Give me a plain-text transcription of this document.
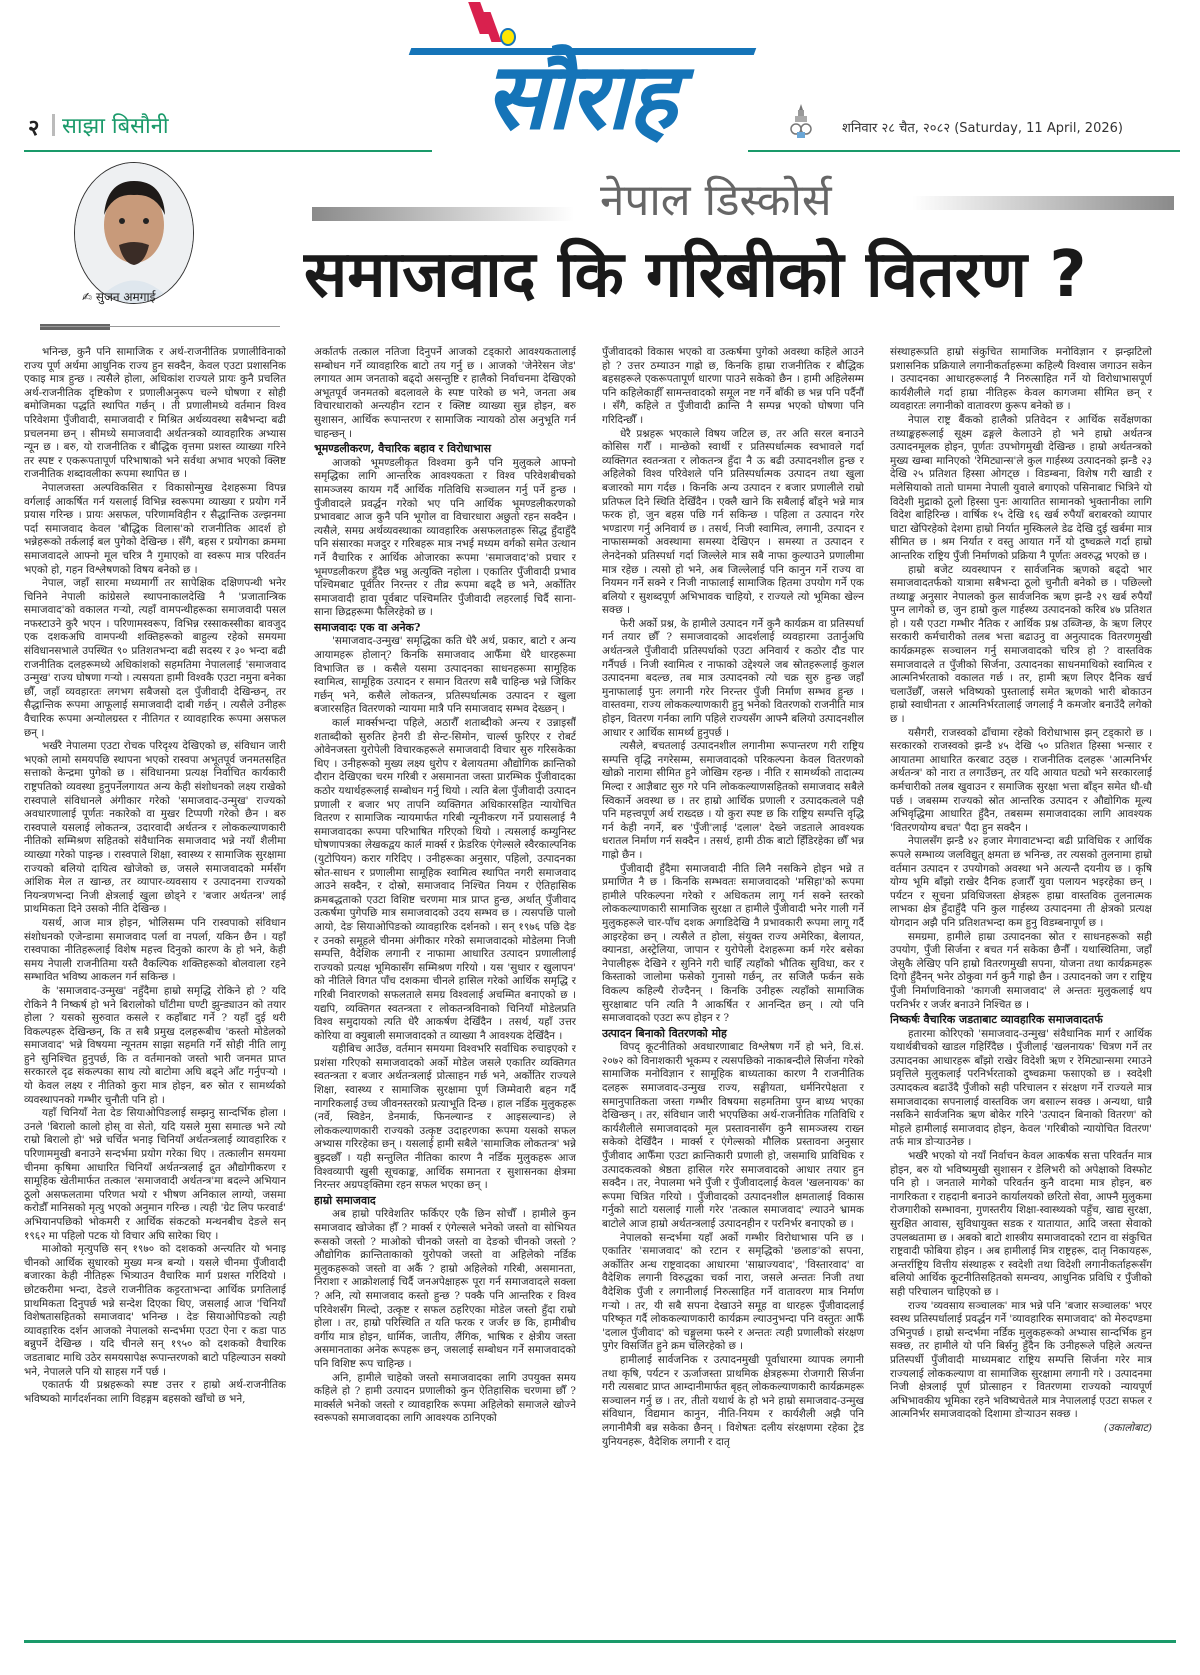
२ साझा बिसौनी	सौराह	शनिवार २८ चैत, २०८२ (Saturday, 11 April, 2026)
✍ सुजन अमगाई
नेपाल डिस्कोर्स
समाजवाद कि गरिबीको वितरण ?

भनिन्छ, कुनै पनि सामाजिक र अर्थ-राजनीतिक प्रणालीविनाको राज्य पूर्ण अर्थमा आधुनिक राज्य हुन सक्दैन, केवल एउटा प्रशासनिक एकाइ मात्र हुन्छ । त्यसैले होला, अधिकांश राज्यले प्रायः कुनै प्रचलित अर्थ-राजनीतिक दृष्टिकोण र प्रणालीअनुरूप चल्ने घोषणा र सोही बमोजिमका पद्धति स्थापित गर्छन् । ती प्रणालीमध्ये वर्तमान विश्व परिवेशमा पुँजीवादी, समाजवादी र मिश्रित अर्थव्यवस्था सबैभन्दा बढी प्रचलनमा छन् । सीमध्ये समाजवादी अर्थतन्त्रको व्यावहारिक अभ्यास न्यून छ । बरु, यो राजनीतिक र बौद्धिक वृत्तमा प्रशस्त व्याख्या गरिने तर स्पष्ट र एकरूपतापूर्ण परिभाषाको भने सर्वथा अभाव भएको क्लिष्ट राजनीतिक शब्दावलीका रूपमा स्थापित छ ।

नेपालजस्ता अल्पविकसित र विकासोन्मुख देशहरूमा विपन्न वर्गलाई आकर्षित गर्न यसलाई विभिन्न स्वरूपमा व्याख्या र प्रयोग गर्ने प्रयास गरिन्छ । प्रायः असफल, परिणामविहीन र सैद्धान्तिक उल्झनमा पर्दा समाजवाद केवल 'बौद्धिक विलास'को राजनीतिक आदर्श हो भन्नेहरूको तर्कलाई बल पुगेको देखिन्छ । सँगै, बहस र प्रयोगका क्रममा समाजवादले आफ्नो मूल चरित्र नै गुमाएको वा स्वरूप मात्र परिवर्तन भएको हो, गहन विश्लेषणको विषय बनेको छ ।

नेपाल, जहाँ सारमा मध्यमार्गी तर सापेक्षिक दक्षिणपन्थी भनेर चिनिने नेपाली कांग्रेसले स्थापनाकालदेखि नै 'प्रजातान्त्रिक समाजवाद'को वकालत गऱ्यो, त्यहाँ वामपन्थीहरूका समाजवादी पसल नफस्टाउने कुरै भएन । परिणामस्वरूप, विभिन्न रस्साकस्सीका बावजुद एक दशकअघि वामपन्थी शक्तिहरूको बाहुल्य रहेको समयमा संविधानसभाले उपस्थित ९० प्रतिशतभन्दा बढी सदस्य र ३० भन्दा बढी राजनीतिक दलहरूमध्ये अधिकांशको सहमतिमा नेपाललाई 'समाजवाद उन्मुख' राज्य घोषणा गऱ्यो । त्यसयता हामी विश्वकै एउटा नमुना बनेका छौँ, जहाँ व्यवहारतः लगभग सबैजसो दल पुँजीवादी देखिन्छन्, तर सैद्धान्तिक रूपमा आफूलाई समाजवादी दाबी गर्छन् । त्यसैले उनीहरू वैचारिक रूपमा अन्योलग्रस्त र नीतिगत र व्यावहारिक रूपमा असफल छन् ।

भर्खरै नेपालमा एउटा रोचक परिदृश्य देखिएको छ, संविधान जारी भएको लामो समयपछि स्थापना भएको रास्वपा अभूतपूर्व जनमतसहित सत्ताको केन्द्रमा पुगेको छ । संविधानमा प्रत्यक्ष निर्वाचित कार्यकारी राष्ट्रपतिको व्यवस्था हुनुपर्नेलगायत अन्य केही संशोधनको लक्ष्य राखेको रास्वपाले संविधानले अंगीकार गरेको 'समाजवाद-उन्मुख' राज्यको अवधारणालाई पूर्णतः नकारेको वा मुखर टिप्पणी गरेको छैन । बरु रास्वपाले यसलाई लोकतन्त्र, उदारवादी अर्थतन्त्र र लोककल्याणकारी नीतिको सम्मिश्रण सहितको संवैधानिक समाजवाद भन्ने नयाँ शैलीमा व्याख्या गरेको पाइन्छ । रास्वपाले शिक्षा, स्वास्थ्य र सामाजिक सुरक्षामा राज्यको बलियो दायित्व खोजेको छ, जसले समाजवादको मर्मसँग आंशिक मेल त खान्छ, तर व्यापार-व्यवसाय र उत्पादनमा राज्यको नियन्त्रणभन्दा निजी क्षेत्रलाई खुला छोड्ने र 'बजार अर्थतन्त्र' लाई प्राथमिकता दिने उसको नीति देखिन्छ ।

यसर्थ, आज मात्र होइन, भोलिसम्म पनि रास्वपाको संविधान संशोधनको एजेन्डामा समाजवाद पर्ला वा नपर्ला, यकिन छैन । यहाँ रास्वपाका नीतिहरूलाई विशेष महत्त्व दिनुको कारण के हो भने, केही समय नेपाली राजनीतिमा यस्तै वैकल्पिक शक्तिहरूको बोलवाला रहने सम्भावित भविष्य आकलन गर्न सकिन्छ ।

के 'समाजवाद-उन्मुख' नहुँदैमा हाम्रो समृद्धि रोकिने हो ? यदि रोकिने नै निष्कर्ष हो भने बिरालोको घाँटीमा घण्टी झुन्ड्याउन को तयार होला ? यसको सुरुवात कसले र कहाँबाट गर्ने ? यहाँ दुई थरी विकल्पहरू देखिन्छन्, कि त सबै प्रमुख दलहरूबीच 'कस्तो मोडेलको समाजवाद' भन्ने विषयमा न्यूनतम साझा सहमति गर्ने सोही नीति लागू हुने सुनिश्चित हुनुपर्छ, कि त वर्तमानको जस्तो भारी जनमत प्राप्त सरकारले दृढ संकल्पका साथ त्यो बाटोमा अघि बढ्ने आँट गर्नुपऱ्यो । यो केवल लक्ष्य र नीतिको कुरा मात्र होइन, बरु स्रोत र सामर्थ्यको व्यवस्थापनको गम्भीर चुनौती पनि हो ।

यहाँ चिनियाँ नेता देङ सियाओपिङलाई सम्झनु सान्दर्भिक होला । उनले 'बिरालो कालो होस् वा सेतो, यदि यसले मुसा समात्छ भने त्यो राम्रो बिरालो हो' भन्ने चर्चित भनाइ चिनियाँ अर्थतन्त्रलाई व्यावहारिक र परिणाममुखी बनाउने सन्दर्भमा प्रयोग गरेका थिए । तत्कालीन समयमा चीनमा कृषिमा आधारित चिनियाँ अर्थतन्त्रलाई द्रुत औद्योगीकरण र सामूहिक खेतीमार्फत तत्काल 'समाजवादी अर्थतन्त्र'मा बदल्ने अभियान ठूलो असफलतामा परिणत भयो र भीषण अनिकाल लाग्यो, जसमा करोडौँ मानिसको मृत्यु भएको अनुमान गरिन्छ । त्यही 'ग्रेट लिप फरवार्ड' अभियानपछिको भोकमरी र आर्थिक संकटको मन्थनबीच देङले सन् १९६२ मा पहिलो पटक यो विचार अघि सारेका थिए ।

माओको मृत्युपछि सन् १९७० को दशकको अन्त्यतिर यो भनाइ चीनको आर्थिक सुधारको मुख्य मन्त्र बन्यो । यसले चीनमा पुँजीवादी बजारका केही नीतिहरू भित्र्याउन वैचारिक मार्ग प्रशस्त गरिदियो । छोटकरीमा भन्दा, देङले राजनीतिक कट्टरताभन्दा आर्थिक प्रगतिलाई प्राथमिकता दिनुपर्छ भन्ने सन्देश दिएका थिए, जसलाई आज 'चिनियाँ विशेषतासहितको समाजवाद' भनिन्छ । देङ सियाओपिङको त्यही व्यावहारिक दर्शन आजको नेपालको सन्दर्भमा एउटा ऐना र कडा पाठ बन्नुपर्ने देखिन्छ । यदि चीनले सन् १९५० को दशकको वैचारिक जडताबाट माथि उठेर समयसापेक्ष रूपान्तरणको बाटो पहिल्याउन सक्यो भने, नेपालले पनि यो साहस गर्ने पर्छ ।

एकातर्फ यी प्रश्नहरूको स्पष्ट उत्तर र हाम्रो अर्थ-राजनीतिक भविष्यको मार्गदर्शनका लागि विहङ्गम बहसको खाँचो छ भने,

अर्कातर्फ तत्काल नतिजा दिनुपर्ने आजको टड्कारो आवश्यकतालाई सम्बोधन गर्ने व्यावहारिक बाटो तय गर्नु छ । आजको 'जेनेरेसन जेड' लगायत आम जनताको बढ्दो असन्तुष्टि र हालैको निर्वाचनमा देखिएको अभूतपूर्व जनमतको बदलावले के स्पष्ट पारेको छ भने, जनता अब विचारधाराको अन्त्यहीन रटान र क्लिष्ट व्याख्या सुन्न होइन, बरु सुशासन, आर्थिक रूपान्तरण र सामाजिक न्यायको ठोस अनुभूति गर्न चाहन्छन् ।

भूमण्डलीकरण, वैचारिक बहाव र विरोधाभास

आजको भूमण्डलीकृत विश्वमा कुनै पनि मुलुकले आफ्नो समृद्धिका लागि आन्तरिक आवश्यकता र विश्व परिवेशबीचको सामञ्जस्य कायम गर्दै आर्थिक गतिविधि सञ्चालन गर्नु पर्ने हुन्छ । पुँजीवादले प्रवर्द्धन गरेको भए पनि आर्थिक भूमण्डलीकरणको प्रभावबाट आज कुनै पनि भूगोल वा विचारधारा अछुतो रहन सक्दैन । त्यसैले, समग्र अर्थव्यवस्थाका व्यावहारिक असफलताहरू सिद्ध हुँदाहुँदै पनि संसारका मजदुर र गरिबहरू मात्र नभई मध्यम वर्गको समेत उत्थान गर्ने वैचारिक र आर्थिक ओजारका रूपमा 'समाजवाद'को प्रचार र भूमण्डलीकरण हुँदैछ भन्नु अत्युक्ति नहोला । एकातिर पुँजीवादी प्रभाव पश्चिमबाट पूर्वतिर निरन्तर र तीव्र रूपमा बढ्दै छ भने, अर्कोतिर समाजवादी हावा पूर्वबाट पश्चिमतिर पुँजीवादी लहरलाई चिर्दै साना-साना छिद्रहरूमा फैलिरहेको छ ।

समाजवादः एक वा अनेक?

'समाजवाद-उन्मुख' समृद्धिका कति धेरै अर्थ, प्रकार, बाटो र अन्य आयामहरू होलान्? किनकि समाजवाद आफैँमा धेरै धारहरूमा विभाजित छ । कसैले यसमा उत्पादनका साधनहरूमा सामूहिक स्वामित्व, सामूहिक उत्पादन र समान वितरण सबै चाहिन्छ भन्ने जिकिर गर्छन् भने, कसैले लोकतन्त्र, प्रतिस्पर्धात्मक उत्पादन र खुला बजारसहित वितरणको न्यायमा मात्रै पनि समाजवाद सम्भव देख्छन् ।

कार्ल मार्क्सभन्दा पहिले, अठारौँ शताब्दीको अन्त्य र उन्नाइसौँ शताब्दीको सुरुतिर हेनरी डी सेन्ट-सिमोन, चार्ल्स फुरिएर र रोबर्ट ओवेनजस्ता युरोपेली विचारकहरूले समाजवादी विचार सुरु गरिसकेका थिए । उनीहरूको मुख्य लक्ष्य धुरोप र बेलायतमा औद्योगिक क्रान्तिको दौरान देखिएका चरम गरिबी र असमानता जस्ता प्रारम्भिक पुँजीवादका कठोर यथार्थहरूलाई सम्बोधन गर्नु थियो । त्यति बेला पुँजीवादी उत्पादन प्रणाली र बजार भए तापनि व्यक्तिगत अधिकारसहित न्यायोचित वितरण र सामाजिक न्यायमार्फत गरिबी न्यूनीकरण गर्ने प्रयासलाई नै समाजवादका रूपमा परिभाषित गरिएको थियो । त्यसलाई कम्युनिस्ट घोषणापत्रका लेखकद्वय कार्ल मार्क्स र फ्रेडरिक एंगेल्सले स्वैरकाल्पनिक (युटोपियन) करार गरिदिए । उनीहरूका अनुसार, पहिलो, उत्पादनका स्रोत-साधन र प्रणालीमा सामूहिक स्वामित्व स्थापित नगरी समाजवाद आउने सक्दैन, र दोस्रो, समाजवाद निश्चित नियम र ऐतिहासिक क्रमबद्धताको एउटा विशिष्ट चरणमा मात्र प्राप्त हुन्छ, अर्थात् पुँजीवाद उत्कर्षमा पुगेपछि मात्र समाजवादको उदय सम्भव छ । त्यसपछि पालो आयो, देङ सियाओपिङको व्यावहारिक दर्शनको । सन् १९७६ पछि देङ र उनको समूहले चीनमा अंगीकार गरेको समाजवादको मोडेलमा निजी सम्पत्ति, वैदेशिक लगानी र नाफामा आधारित उत्पादन प्रणालीलाई राज्यको प्रत्यक्ष भूमिकासँग सम्मिश्रण गरियो । यस 'सुधार र खुलापन' को नीतिले विगत पाँच दशकमा चीनले हासिल गरेको आर्थिक समृद्धि र गरिबी निवारणको सफलताले समग्र विश्वलाई अचम्मित बनाएको छ । यद्यपि, व्यक्तिगत स्वतन्त्रता र लोकतन्त्रविनाको चिनियाँ मोडेलप्रति विश्व समुदायको त्यति धेरै आकर्षण देखिँदैन । तसर्थ, यहाँ उत्तर कोरिया वा क्युबाली समाजवादको त व्याख्या नै आवश्यक देखिँदैन ।

यहीबिच आउँछ, वर्तमान समयमा विश्वभरि सर्वाधिक रुचाइएको र प्रशंसा गरिएको समाजवादको अर्को मोडेल जसले एकातिर व्यक्तिगत स्वतन्त्रता र बजार अर्थतन्त्रलाई प्रोत्साहन गर्छ भने, अर्कोतिर राज्यले शिक्षा, स्वास्थ्य र सामाजिक सुरक्षामा पूर्ण जिम्मेवारी बहन गर्दै नागरिकलाई उच्च जीवनस्तरको प्रत्याभूति दिन्छ । हाल नर्डिक मुलुकहरू (नर्वे, स्विडेन, डेनमार्क, फिनल्यान्ड र आइसल्यान्ड) ले लोककल्याणकारी राज्यको उत्कृष्ट उदाहरणका रूपमा यसको सफल अभ्यास गरिरहेका छन् । यसलाई हामी सबैले 'सामाजिक लोकतन्त्र' भन्ने बुझ्दछौँ । यही सन्तुलित नीतिका कारण नै नर्डिक मुलुकहरू आज विश्वव्यापी खुसी सूचकाङ्क, आर्थिक समानता र सुशासनका क्षेत्रमा निरन्तर अग्रपङ्क्तिमा रहन सफल भएका छन् ।

हाम्रो समाजवाद

अब हाम्रो परिवेशतिर फर्किएर एकै छिन सोचौँ । हामीले कुन समाजवाद खोजेका हौँ ? मार्क्स र एंगेल्सले भनेको जस्तो वा सोभियत रूसको जस्तो ? माओको चीनको जस्तो वा देङको चीनको जस्तो ? औद्योगिक क्रान्तिताकाको युरोपको जस्तो वा अहिलेको नर्डिक मुलुकहरूको जस्तो वा अर्कै ? हाम्रो अहिलेको गरिबी, असमानता, निराशा र आक्रोशलाई चिर्दै जनअपेक्षाहरू पूरा गर्न समाजवादले सक्ला ? अनि, त्यो समाजवाद कस्तो हुन्छ ? पक्कै पनि आन्तरिक र विश्व परिवेशसँग मिल्दो, उत्कृष्ट र सफल ठहरिएका मोडेल जस्तो हुँदा राम्रो होला । तर, हाम्रो परिस्थिति त यति फरक र जर्जर छ कि, हामीबीच वर्गीय मात्र होइन, धार्मिक, जातीय, लैंगिक, भाषिक र क्षेत्रीय जस्ता असमानताका अनेक रूपहरू छन्, जसलाई सम्बोधन गर्ने समाजवादको पनि विशिष्ट रूप चाहिन्छ ।

अनि, हामीले चाहेको जस्तो समाजवादका लागि उपयुक्त समय कहिले हो ? हामी उत्पादन प्रणालीको कुन ऐतिहासिक चरणमा छौँ ? मार्क्सले भनेको जस्तो र व्यावहारिक रूपमा अहिलेको समाजले खोज्ने स्वरूपको समाजवादका लागि आवश्यक ठानिएको

पुँजीवादको विकास भएको वा उत्कर्षमा पुगेको अवस्था कहिले आउने हो ? उत्तर ठम्याउन गाह्रो छ, किनकि हाम्रा राजनीतिक र बौद्धिक बहसहरूले एकरूपतापूर्ण धारणा पाउने सकेको छैन । हामी अहिलेसम्म पनि कहिलेकाहीँ सामन्तवादको समूल नष्ट गर्ने बाँकी छ भन्न पनि पर्दैनौँ । सँगै, कहिले त पुँजीवादी क्रान्ति नै सम्पन्न भएको घोषणा पनि गरिदिन्छौँ ।

धेरै प्रश्नहरू भएकाले विषय जटिल छ, तर अति सरल बनाउने कोसिस गरौँ । मान्छेको स्वार्थी र प्रतिस्पर्धात्मक स्वभावले गर्दा व्यक्तिगत स्वतन्त्रता र लोकतन्त्र हुँदा नै ऊ बढी उत्पादनशील हुन्छ र अहिलेको विश्व परिवेशले पनि प्रतिस्पर्धात्मक उत्पादन तथा खुला बजारको माग गर्दछ । किनकि अन्य उत्पादन र बजार प्रणालीले राम्रो प्रतिफल दिने स्थिति देखिँदैन । एक्लै खाने कि सबैलाई बाँड्ने भन्ने मात्र फरक हो, जुन बहस पछि गर्न सकिन्छ । पहिला त उत्पादन गरेर भण्डारण गर्नु अनिवार्य छ । तसर्थ, निजी स्वामित्व, लगानी, उत्पादन र नाफासम्मको अवस्थामा समस्या देखिएन । समस्या त उत्पादन र लेनदेनको प्रतिस्पर्धा गर्दा जिल्लेले मात्र सबै नाफा कुल्याउने प्रणालीमा मात्र रहेछ । त्यसो हो भने, अब जिल्लेलाई पनि कानुन गर्ने राज्य वा नियमन गर्ने सक्ने र निजी नाफालाई सामाजिक हितमा उपयोग गर्ने एक बलियो र सुशब्दपूर्ण अभिभावक चाहियो, र राज्यले त्यो भूमिका खेल्न सक्छ ।

फेरी अर्को प्रश्न, के हामीले उत्पादन गर्ने कुनै कार्यक्रम वा प्रतिस्पर्धा गर्न तयार छौँ ? समाजवादको आदर्शलाई व्यवहारमा उतार्नुअघि अर्थतन्त्रले पुँजीवादी प्रतिस्पर्धाको एउटा अनिवार्य र कठोर दौड पार गर्नैपर्छ । निजी स्वामित्व र नाफाको उद्देश्यले जब स्रोतहरूलाई कुशल उत्पादनमा बदल्छ, तब मात्र उत्पादनको त्यो चक्र सुरु हुन्छ जहाँ मुनाफालाई पुनः लगानी गरेर निरन्तर पुँजी निर्माण सम्भव हुन्छ । वास्तवमा, राज्य लोककल्याणकारी हुनु भनेको वितरणको राजनीति मात्र होइन, वितरण गर्नका लागि पहिले राज्यसँग आफ्नै बलियो उत्पादनशील आधार र आर्थिक सामर्थ्य हुनुपर्छ ।

त्यसैले, बचतलाई उत्पादनशील लगानीमा रूपान्तरण गरी राष्ट्रिय सम्पत्ति वृद्धि नगरेसम्म, समाजवादको परिकल्पना केवल वितरणको खोक्रो नारामा सीमित हुने जोखिम रहन्छ । नीति र सामर्थ्यको तादात्म्य मिल्दा र आज्ञैबाट सुरु गरे पनि लोककल्याणसहितको समाजवाद सबैले स्विकार्ने अवस्था छ । तर हाम्रो आर्थिक प्रणाली र उत्पादकत्वले पक्षै पनि महत्त्वपूर्ण अर्थ राख्दछ । यो कुरा स्पष्ट छ कि राष्ट्रिय सम्पत्ति वृद्धि गर्न केही नगर्ने, बरु 'पुँजी'लाई 'दलाल' देख्ने जडताले आवश्यक धरातल निर्माण गर्न सक्दैन । तसर्थ, हामी ठीक बाटो हिँडिरहेका छौँ भन्न गाह्रो छैन ।

पुँजीवादी हुँदैमा समाजवादी नीति लिनै नसकिने होइन भन्ने त प्रमाणित नै छ । किनकि सम्भवतः समाजवादको 'मसिहा'को रूपमा हामीले परिकल्पना गरेको र अधिकतम लागू गर्न सक्ने स्तरको लोककल्याणकारी सामाजिक सुरक्षा त हामीले पुँजीवादी भनेर गाली गर्ने मुलुकहरूले चार-पाँच दशक अगाडिदेखि नै प्रभावकारी रूपमा लागू गर्दै आइरहेका छन् । त्यसैले त होला, संयुक्त राज्य अमेरिका, बेलायत, क्यानडा, अस्ट्रेलिया, जापान र युरोपेली देशहरूमा कर्म गरेर बसेका नेपालीहरू देखिने र सुनिने गरी चाहिँ त्यहाँको भौतिक सुविधा, कर र किस्ताको जालोमा फसेको गुनासो गर्छन्, तर सजिलै फर्कन सके विकल्प कहिल्यै रोज्दैनन् । किनकि उनीहरू त्यहाँको सामाजिक सुरक्षाबाट पनि त्यति नै आकर्षित र आनन्दित छन् । त्यो पनि समाजवादको एउटा रूप होइन र ?

उत्पादन बिनाको वितरणको मोह

विपद् कूटनीतिको अवधारणाबाट विश्लेषण गर्ने हो भने, वि.सं. २०७२ को विनाशकारी भूकम्प र त्यसपछिको नाकाबन्दीले सिर्जना गरेको सामाजिक मनोविज्ञान र सामूहिक बाध्यताका कारण नै राजनीतिक दलहरू समाजवाद-उन्मुख राज्य, सङ्घीयता, धर्मनिरपेक्षता र समानुपातिकता जस्ता गम्भीर विषयमा सहमतिमा पुग्न बाध्य भएका देखिन्छन् । तर, संविधान जारी भएपछिका अर्थ-राजनीतिक गतिविधि र कार्यशैलीले समाजवादको मूल प्रस्तावनासँग कुनै सामञ्जस्य राख्न सकेको देखिँदैन । मार्क्स र एंगेल्सको मौलिक प्रस्तावना अनुसार पुँजीवाद आफैँमा एउटा क्रान्तिकारी प्रणाली हो, जसमाथि प्राविधिक र उत्पादकत्वको श्रेष्ठता हासिल गरेर समाजवादको आधार तयार हुन सक्दैन । तर, नेपालमा भने पुँजी र पुँजीवादलाई केवल 'खलनायक' का रूपमा चित्रित गरियो । पुँजीवादको उत्पादनशील क्षमतालाई विकास गर्नुको साटो यसलाई गाली गरेर 'तत्काल समाजवाद' ल्याउने भ्रामक बाटोले आज हाम्रो अर्थतन्त्रलाई उत्पादनहीन र परनिर्भर बनाएको छ ।

नेपालको सन्दर्भमा यहाँ अर्को गम्भीर विरोधाभास पनि छ । एकातिर 'समाजवाद' को रटान र समृद्धिको 'छलाङ'को सपना, अर्कोतिर अन्ध राष्ट्रवादका आधारमा 'साम्राज्यवाद', 'विस्तारवाद' वा वैदेशिक लगानी विरुद्धका चर्का नारा, जसले अन्ततः निजी तथा वैदेशिक पुँजी र लगानीलाई निरुत्साहित गर्ने वातावरण मात्र निर्माण गऱ्यो । तर, यी सबै सपना देखाउने समूह वा धारहरू पुँजीवादलाई परिष्कृत गर्दै लोककल्याणकारी कार्यक्रम ल्याउनुभन्दा पनि वस्तुतः आफैँ 'दलाल पुँजीवाद' को चङ्गुलमा फस्ने र अन्ततः त्यही प्रणालीको संरक्षण पुगेर विसर्जित हुने क्रम चलिरहेको छ ।

हामीलाई सार्वजनिक र उत्पादनमुखी पूर्वाधारमा व्यापक लगानी तथा कृषि, पर्यटन र ऊर्जाजस्ता प्राथमिक क्षेत्रहरूमा रोजगारी सिर्जना गरी त्यसबाट प्राप्त आम्दानीमार्फत बृहत् लोककल्याणकारी कार्यक्रमहरू सञ्चालन गर्नु छ । तर, तीतो यथार्थ के हो भने हाम्रो समाजवाद-उन्मुख संविधान, विद्यमान कानुन, नीति-नियम र कार्यशैली अझै पनि लगानीमैत्री बन्न सकेका छैनन् । विशेषतः दलीय संरक्षणमा रहेका ट्रेड युनियनहरू, वैदेशिक लगानी र दातृ

संस्थाहरूप्रति हाम्रो संकुचित सामाजिक मनोविज्ञान र झन्झटिलो प्रशासनिक प्रक्रियाले लगानीकर्ताहरूमा कहिल्यै विश्वास जगाउन सकेन । उत्पादनका आधारहरूलाई नै निरुत्साहित गर्ने यो विरोधाभासपूर्ण कार्यशैलीले गर्दा हाम्रा नीतिहरू केवल कागजमा सीमित छन् र व्यवहारतः लगानीको वातावरण कुरूप बनेको छ ।

नेपाल राष्ट्र बैंकको हालैको प्रतिवेदन र आर्थिक सर्वेक्षणका तथ्याङ्कहरूलाई सूक्ष्म ढङ्गले केलाउने हो भने हाम्रो अर्थतन्त्र उत्पादनमूलक होइन, पूर्णतः उपभोगमुखी देखिन्छ । हाम्रो अर्थतन्त्रको मुख्य खम्बा मानिएको 'रेमिट्यान्स'ले कुल गार्हस्थ्य उत्पादनको झन्डै २३ देखि २५ प्रतिशत हिस्सा ओगट्छ । विडम्बना, विशेष गरी खाडी र मलेसियाको तातो घाममा नेपाली युवाले बगाएको पसिनाबाट भित्रिने यो विदेशी मुद्राको ठूलो हिस्सा पुनः आयातित सामानको भुक्तानीका लागि विदेश बाहिरिन्छ । वार्षिक १५ देखि १६ खर्ब रुपैयाँ बराबरको व्यापार घाटा खेपिरहेको देशमा हाम्रो निर्यात मुस्किलले डेढ देखि दुई खर्बमा मात्र सीमित छ । श्रम निर्यात र वस्तु आयात गर्ने यो दुष्चक्रले गर्दा हाम्रो आन्तरिक राष्ट्रिय पुँजी निर्माणको प्रक्रिया नै पूर्णतः अवरुद्ध भएको छ ।

हाम्रो बजेट व्यवस्थापन र सार्वजनिक ऋणको बढ्दो भार समाजवादतर्फको यात्रामा सबैभन्दा ठूलो चुनौती बनेको छ । पछिल्लो तथ्याङ्क अनुसार नेपालको कुल सार्वजनिक ऋण झन्डै २९ खर्ब रुपैयाँ पुग्न लागेको छ, जुन हाम्रो कुल गार्हस्थ्य उत्पादनको करिब ४७ प्रतिशत हो । यसै एउटा गम्भीर नैतिक र आर्थिक प्रश्न उब्जिन्छ, के ऋण लिएर सरकारी कर्मचारीको तलब भत्ता बढाउनु वा अनुत्पादक वितरणमुखी कार्यक्रमहरू सञ्चालन गर्नु समाजवादको चरित्र हो ? वास्तविक समाजवादले त पुँजीको सिर्जना, उत्पादनका साधनमाथिको स्वामित्व र आत्मनिर्भरताको वकालत गर्छ । तर, हामी ऋण लिएर दैनिक खर्च चलाउँछौँ, जसले भविष्यको पुस्तालाई समेत ऋणको भारी बोकाउन हाम्रो स्वाधीनता र आत्मनिर्भरतालाई जगलाई नै कमजोर बनाउँदै लगेको छ ।

यसैगरी, राजस्वको ढाँचामा रहेको विरोधाभास झन् टड्कारो छ । सरकारको राजस्वको झन्डै ४५ देखि ५० प्रतिशत हिस्सा भन्सार र आयातमा आधारित करबाट उठ्छ । राजनीतिक दलहरू 'आत्मनिर्भर अर्थतन्त्र' को नारा त लगाउँछन्, तर यदि आयात घट्यो भने सरकारलाई कर्मचारीको तलब खुवाउन र समाजिक सुरक्षा भत्ता बाँड्न समेत धौ-धौ पर्छ । जबसम्म राज्यको स्रोत आन्तरिक उत्पादन र औद्योगिक मूल्य अभिवृद्धिमा आधारित हुँदैन, तबसम्म समाजवादका लागि आवश्यक 'वितरणयोग्य बचत' पैदा हुन सक्दैन ।

नेपालसँग झन्डै ४२ हजार मेगावाटभन्दा बढी प्राविधिक र आर्थिक रूपले सम्भाव्य जलविद्युत् क्षमता छ भनिन्छ, तर त्यसको तुलनामा हाम्रो वर्तमान उत्पादन र उपयोगको अवस्था भने अत्यन्तै दयनीय छ । कृषि योग्य भूमि बाँझो राखेर दैनिक हजारौँ युवा पलायन भइरहेका छन् । पर्यटन र सूचना प्रविधिजस्ता क्षेत्रहरू हाम्रा वास्तविक तुलनात्मक लाभका क्षेत्र हुँदाहुँदै पनि कुल गार्हस्थ्य उत्पादनमा ती क्षेत्रको प्रत्यक्ष योगदान अझै पनि प्रतिशतभन्दा कम हुनु विडम्बनापूर्ण छ ।

समग्रमा, हामीले हाम्रा उत्पादनका स्रोत र साधनहरूको सही उपयोग, पुँजी सिर्जना र बचत गर्न सकेका छैनौँ । यथास्थितिमा, जहाँ जेसुकै लेखिए पनि हाम्रो वितरणमुखी सपना, योजना तथा कार्यक्रमहरू दिगो हुँदैनन् भनेर ठोकुवा गर्न कुनै गाह्रो छैन । उत्पादनको जग र राष्ट्रिय पुँजी निर्माणविनाको 'कागजी समाजवाद' ले अन्ततः मुलुकलाई थप परनिर्भर र जर्जर बनाउने निश्चित छ ।

निष्कर्षः वैचारिक जडताबाट व्यावहारिक समाजवादतर्फ

हतारमा कोरिएको 'समाजवाद-उन्मुख' संवैधानिक मार्ग र आर्थिक यथार्थबीचको खाडल गहिरिँदैछ । पुँजीलाई 'खलनायक' चित्रण गर्ने तर उत्पादनका आधारहरू बाँझो राखेर विदेशी ऋण र रेमिट्यान्समा रमाउने प्रवृत्तिले मुलुकलाई परनिर्भरताको दुष्चक्रमा फसाएको छ । स्वदेशी उत्पादकत्व बढाउँदै पुँजीको सही परिचालन र संरक्षण गर्ने राज्यले मात्र समाजवादका सपनालाई वास्तविक जग बसाल्न सक्छ । अन्यथा, धान्नै नसकिने सार्वजनिक ऋण बोकेर गरिने 'उत्पादन बिनाको वितरण' को मोहले हामीलाई समाजवाद होइन, केवल 'गरिबीको न्यायोचित वितरण' तर्फ मात्र डोऱ्याउनेछ ।

भर्खरै भएको यो नयाँ निर्वाचन केवल आकर्षक सत्ता परिवर्तन मात्र होइन, बरु यो भविष्यमुखी सुशासन र डेलिभरी को अपेक्षाको विस्फोट पनि हो । जनताले मागेको परिवर्तन कुनै वादमा मात्र होइन, बरु नागरिकता र राहदानी बनाउने कार्यालयको छरितो सेवा, आफ्नै मुलुकमा रोजगारीको सम्भावना, गुणस्तरीय शिक्षा-स्वास्थ्यको पहुँच, खाद्य सुरक्षा, सुरक्षित आवास, सुविधायुक्त सडक र यातायात, आदि जस्ता सेवाको उपलब्धतामा छ । अबको बाटो शास्त्रीय समाजवादको रटान वा संकुचित राष्ट्रवादी फोबिया होइन । अब हामीलाई मित्र राष्ट्रहरू, दातृ निकायहरू, अन्तर्राष्ट्रिय वित्तीय संस्थाहरू र स्वदेशी तथा विदेशी लगानीकर्ताहरूसँग बलियो आर्थिक कूटनीतिसहितको समन्वय, आधुनिक प्रविधि र पुँजीको सही परिचालन चाहिएको छ ।

राज्य 'व्यवसाय सञ्चालक' मात्र भन्ने पनि 'बजार सञ्चालक' भएर स्वस्थ प्रतिस्पर्धालाई प्रवर्द्धन गर्ने 'व्यावहारिक समाजवाद' को मेरुदण्डमा उभिनुपर्छ । हाम्रो सन्दर्भमा नर्डिक मुलुकहरूको अभ्यास सान्दर्भिक हुन सक्छ, तर हामीले यो पनि बिर्सनु हुँदैन कि उनीहरूले पहिले अत्यन्त प्रतिस्पर्धी पुँजीवादी माध्यमबाट राष्ट्रिय सम्पत्ति सिर्जना गरेर मात्र राज्यलाई लोककल्याण वा सामाजिक सुरक्षामा लगानी गरे । उत्पादनमा निजी क्षेत्रलाई पूर्ण प्रोत्साहन र वितरणमा राज्यको न्यायपूर्ण अभिभावकीय भूमिका रहने भविष्यचेतले मात्र नेपाललाई एउटा सफल र आत्मनिर्भर समाजवादको दिशामा डोऱ्याउन सक्छ ।

(उकालोबाट)
